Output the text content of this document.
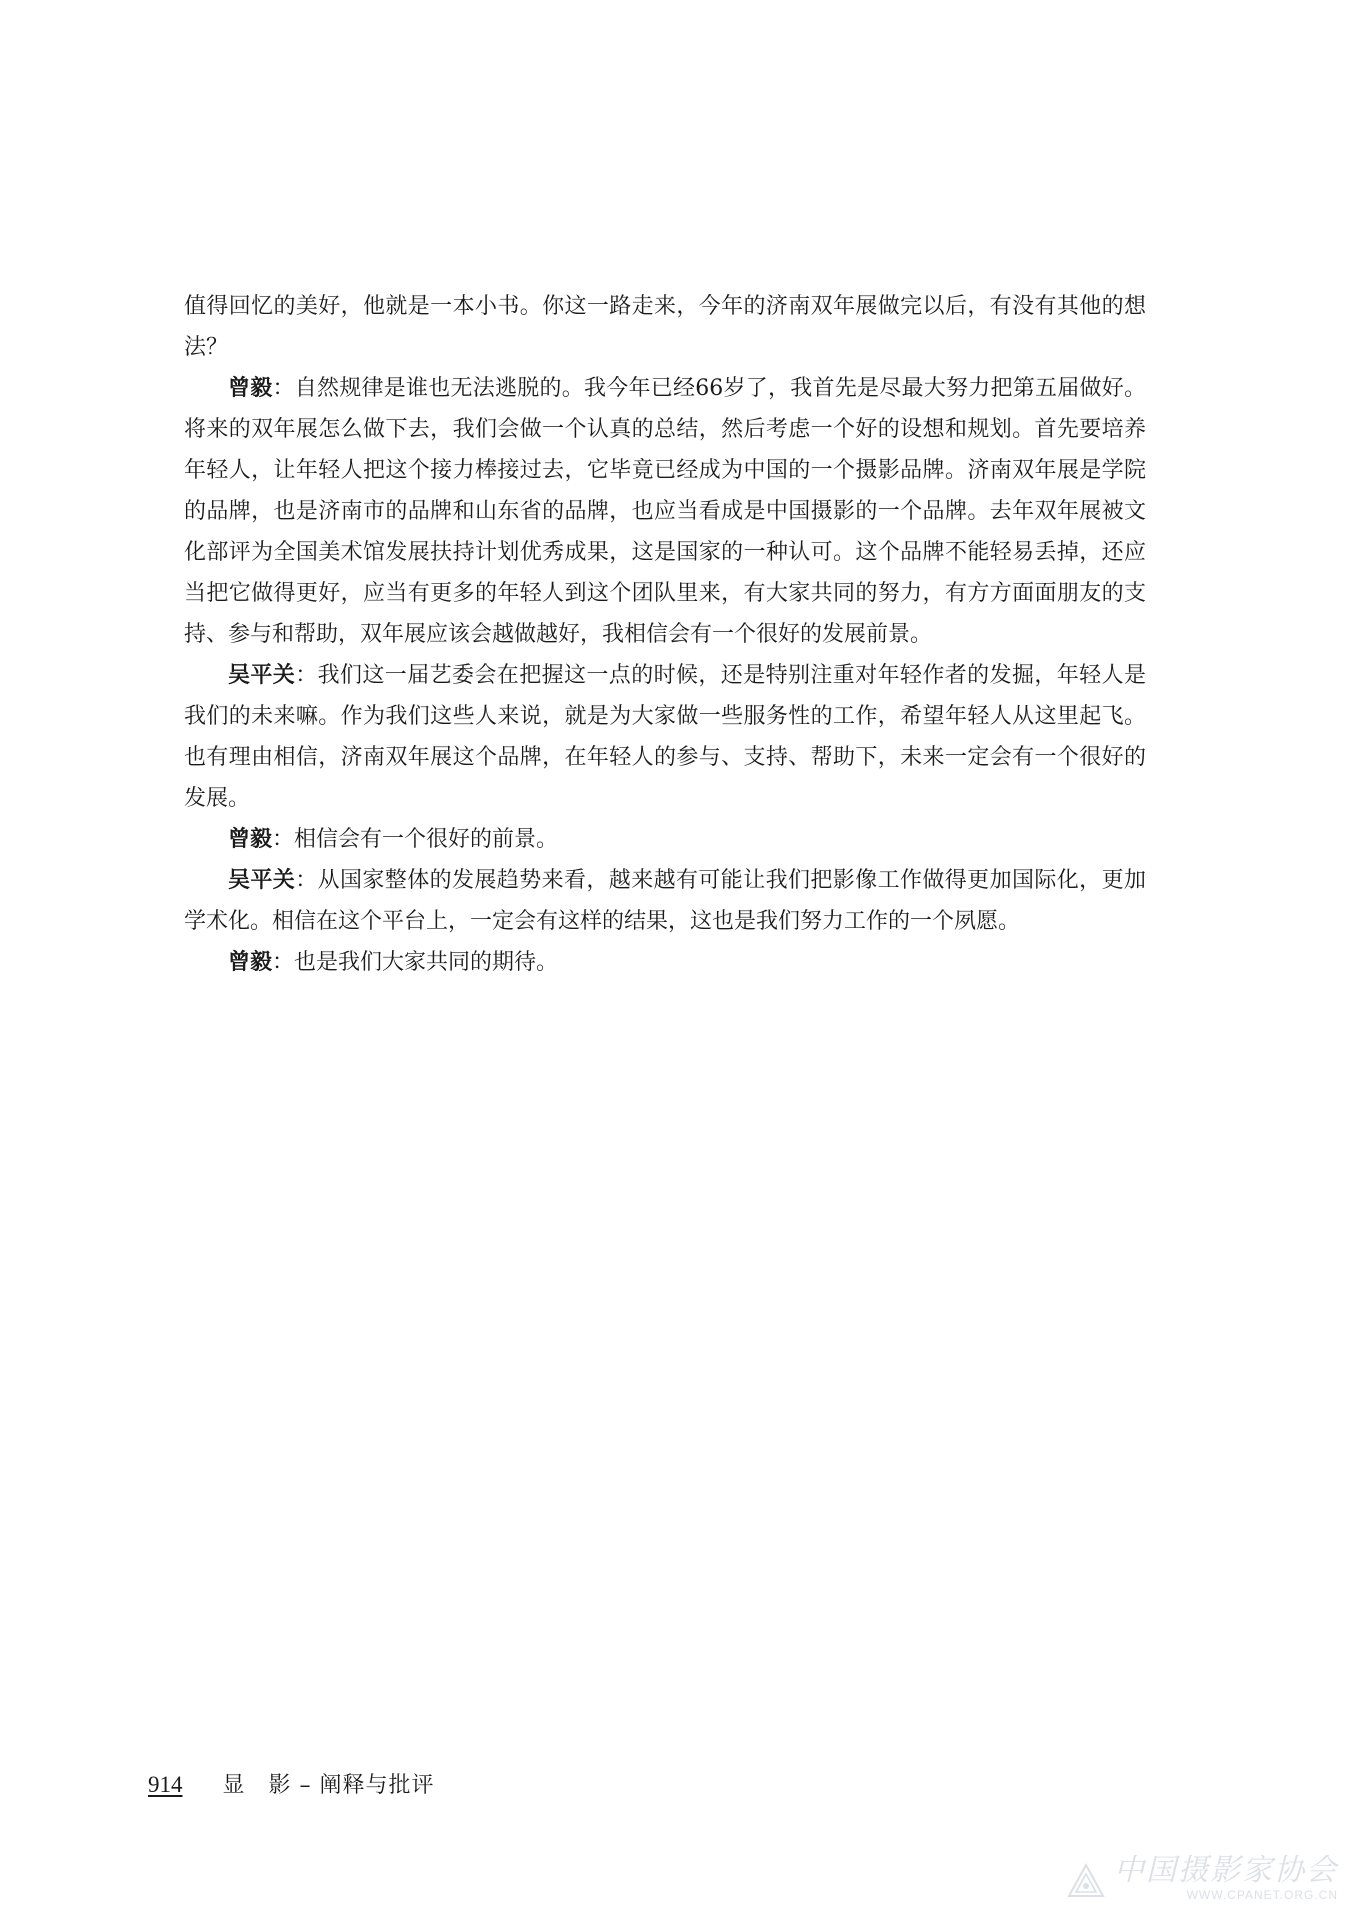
值得回忆的美好，他就是一本小书。你这一路走来，今年的济南双年展做完以后，有没有其他的想法？

曾毅：自然规律是谁也无法逃脱的。我今年已经66岁了，我首先是尽最大努力把第五届做好。将来的双年展怎么做下去，我们会做一个认真的总结，然后考虑一个好的设想和规划。首先要培养年轻人，让年轻人把这个接力棒接过去，它毕竟已经成为中国的一个摄影品牌。济南双年展是学院的品牌，也是济南市的品牌和山东省的品牌，也应当看成是中国摄影的一个品牌。去年双年展被文化部评为全国美术馆发展扶持计划优秀成果，这是国家的一种认可。这个品牌不能轻易丢掉，还应当把它做得更好，应当有更多的年轻人到这个团队里来，有大家共同的努力，有方方面面朋友的支持、参与和帮助，双年展应该会越做越好，我相信会有一个很好的发展前景。

吴平关：我们这一届艺委会在把握这一点的时候，还是特别注重对年轻作者的发掘，年轻人是我们的未来嘛。作为我们这些人来说，就是为大家做一些服务性的工作，希望年轻人从这里起飞。也有理由相信，济南双年展这个品牌，在年轻人的参与、支持、帮助下，未来一定会有一个很好的发展。

曾毅：相信会有一个很好的前景。

吴平关：从国家整体的发展趋势来看，越来越有可能让我们把影像工作做得更加国际化，更加学术化。相信在这个平台上，一定会有这样的结果，这也是我们努力工作的一个夙愿。

曾毅：也是我们大家共同的期待。

914 显　影 – 阐释与批评
中国摄影家协会
WWW.CPANET.ORG.CN
